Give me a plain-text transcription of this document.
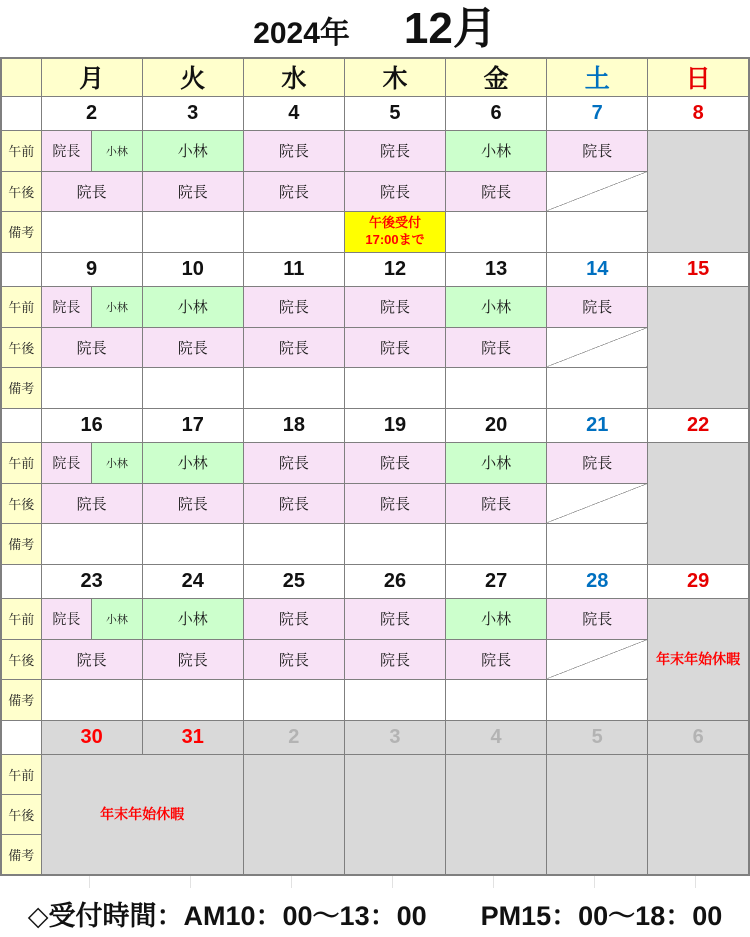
2024年 12月
	月	火	水	木	金	土	日
	2	3	4	5	6	7	8
午前	院長 小林	小林	院長	院長	小林	院長	
午後	院長	院長	院長	院長	院長		
備考				午後受付
17:00まで			

	9	10	11	12	13	14	15
午前	院長 小林	小林	院長	院長	小林	院長	
午後	院長	院長	院長	院長	院長		
備考							
	16	17	18	19	20	21	22
午前	院長 小林	小林	院長	院長	小林	院長	
午後	院長	院長	院長	院長	院長		
備考							
	23	24	25	26	27	28	29
午前	院長 小林	小林	院長	院長	小林	院長	年末年始休暇
午後	院長	院長	院長	院長	院長		
備考							
	30	31	2	3	4	5	6
午前	年末年始休暇						
午後							
備考							
◇受付時間：AM10：00～13：00　　PM15：00～18：00
